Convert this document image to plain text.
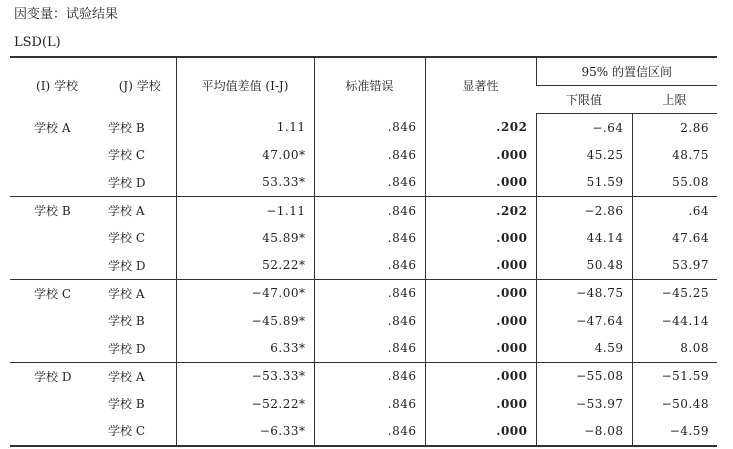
因变量：试验结果
LSD(L)
(I) 学校	(J) 学校	平均值差值 (I-J)	标准错误	显著性	95% 的置信区间	
					下限值	上限
学校 A	学校 B	1.11	.846	.202	−.64	2.86
	学校 C	47.00*	.846	.000	45.25	48.75
	学校 D	53.33*	.846	.000	51.59	55.08
学校 B	学校 A	−1.11	.846	.202	−2.86	.64
	学校 C	45.89*	.846	.000	44.14	47.64
	学校 D	52.22*	.846	.000	50.48	53.97
学校 C	学校 A	−47.00*	.846	.000	−48.75	−45.25
	学校 B	−45.89*	.846	.000	−47.64	−44.14
	学校 D	6.33*	.846	.000	4.59	8.08
学校 D	学校 A	−53.33*	.846	.000	−55.08	−51.59
	学校 B	−52.22*	.846	.000	−53.97	−50.48
	学校 C	−6.33*	.846	.000	−8.08	−4.59
